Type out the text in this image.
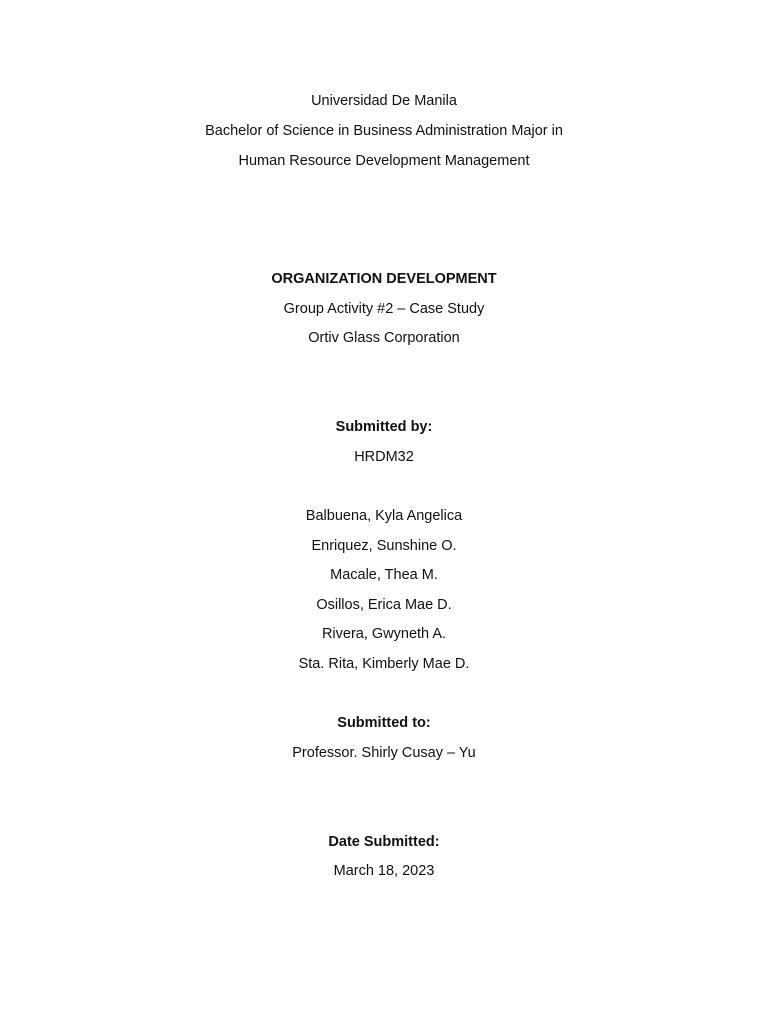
Universidad De Manila
Bachelor of Science in Business Administration Major in
Human Resource Development Management
ORGANIZATION DEVELOPMENT
Group Activity #2 – Case Study
Ortiv Glass Corporation
Submitted by:
HRDM32
Balbuena, Kyla Angelica
Enriquez, Sunshine O.
Macale, Thea M.
Osillos, Erica Mae D.
Rivera, Gwyneth A.
Sta. Rita, Kimberly Mae D.
Submitted to:
Professor. Shirly Cusay – Yu
Date Submitted:
March 18, 2023
